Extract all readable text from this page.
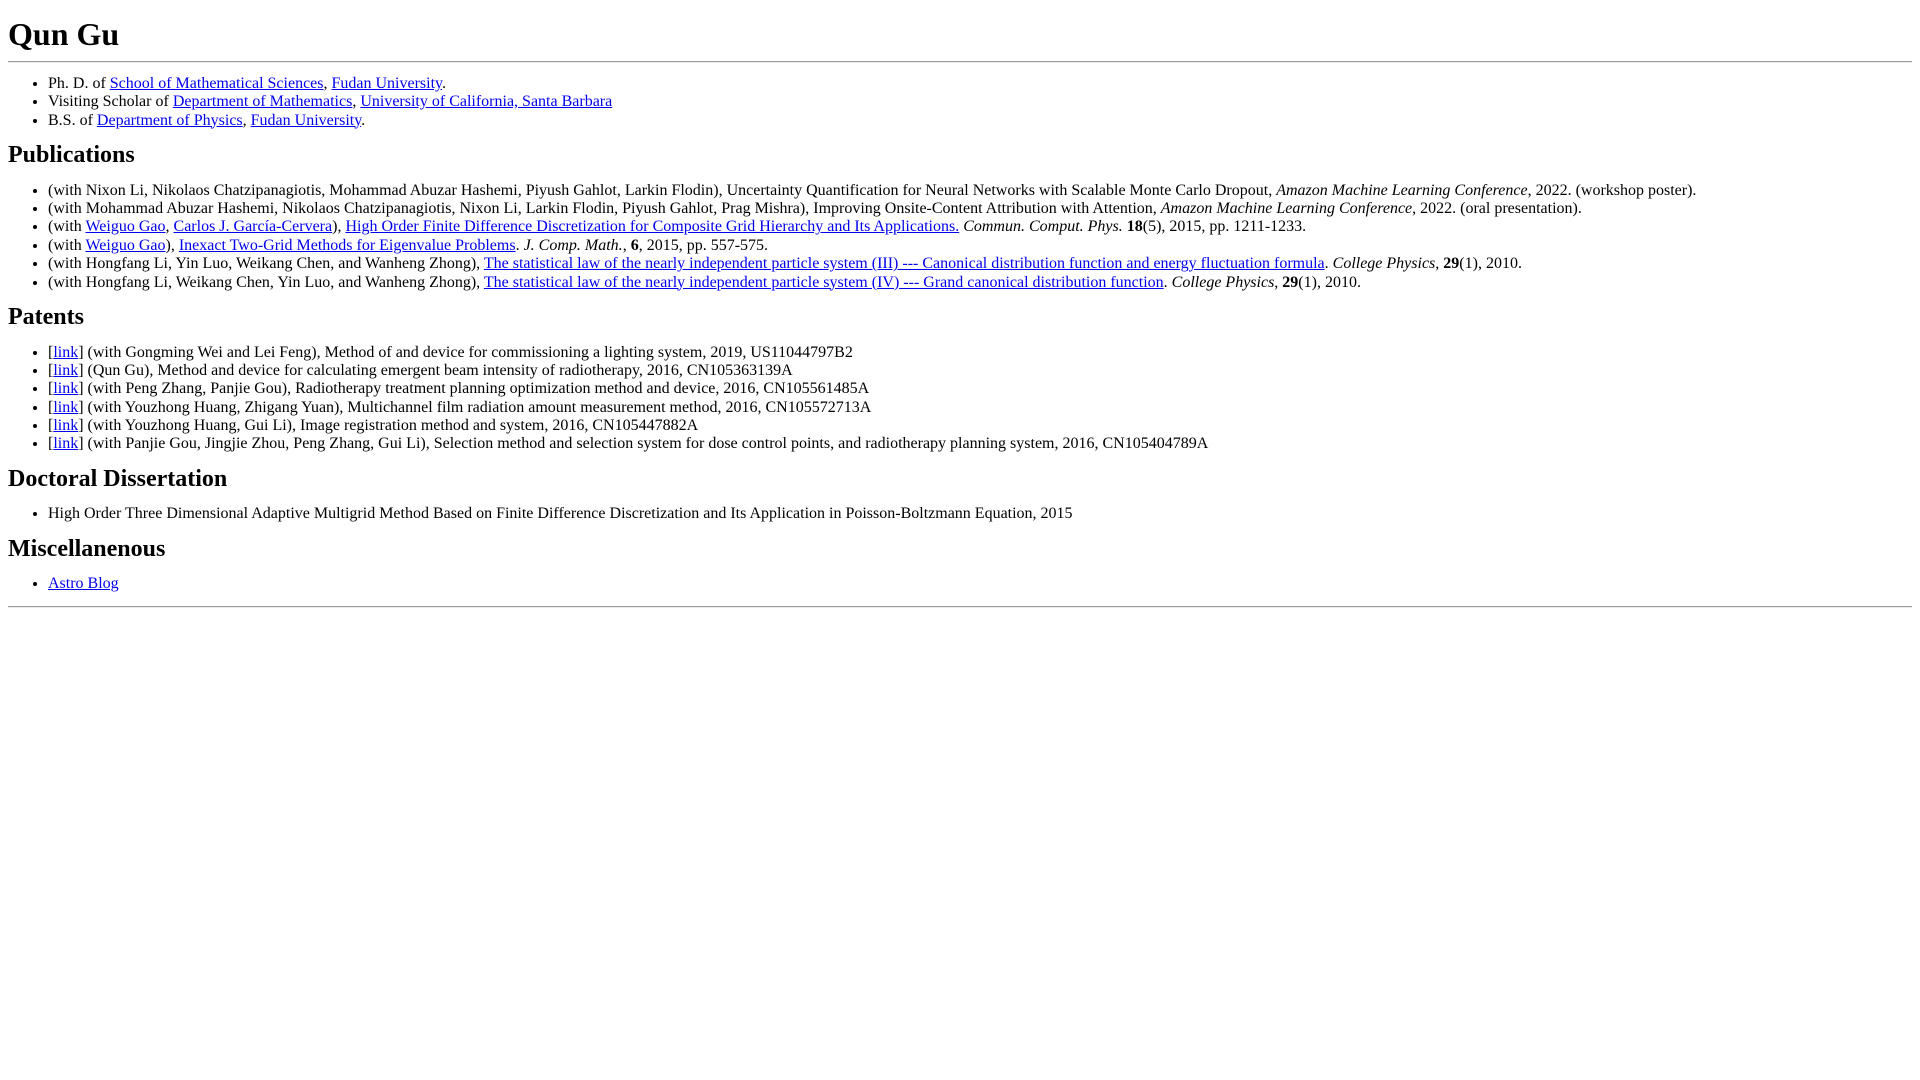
Qun Gu
• Ph. D. of School of Mathematical Sciences, Fudan University.
• Visiting Scholar of Department of Mathematics, University of California, Santa Barbara
• B.S. of Department of Physics, Fudan University.
Publications
• (with Nixon Li, Nikolaos Chatzipanagiotis, Mohammad Abuzar Hashemi, Piyush Gahlot, Larkin Flodin), Uncertainty Quantification for Neural Networks with Scalable Monte Carlo Dropout, Amazon Machine Learning Conference, 2022. (workshop poster).
• (with Mohammad Abuzar Hashemi, Nikolaos Chatzipanagiotis, Nixon Li, Larkin Flodin, Piyush Gahlot, Prag Mishra), Improving Onsite-Content Attribution with Attention, Amazon Machine Learning Conference, 2022. (oral presentation).
• (with Weiguo Gao, Carlos J. García-Cervera), High Order Finite Difference Discretization for Composite Grid Hierarchy and Its Applications. Commun. Comput. Phys. 18(5), 2015, pp. 1211-1233.
• (with Weiguo Gao), Inexact Two-Grid Methods for Eigenvalue Problems. J. Comp. Math., 6, 2015, pp. 557-575.
• (with Hongfang Li, Yin Luo, Weikang Chen, and Wanheng Zhong), The statistical law of the nearly independent particle system (III) --- Canonical distribution function and energy fluctuation formula. College Physics, 29(1), 2010.
• (with Hongfang Li, Weikang Chen, Yin Luo, and Wanheng Zhong), The statistical law of the nearly independent particle system (IV) --- Grand canonical distribution function. College Physics, 29(1), 2010.
Patents
• [link] (with Gongming Wei and Lei Feng), Method of and device for commissioning a lighting system, 2019, US11044797B2
• [link] (Qun Gu), Method and device for calculating emergent beam intensity of radiotherapy, 2016, CN105363139A
• [link] (with Peng Zhang, Panjie Gou), Radiotherapy treatment planning optimization method and device, 2016, CN105561485A
• [link] (with Youzhong Huang, Zhigang Yuan), Multichannel film radiation amount measurement method, 2016, CN105572713A
• [link] (with Youzhong Huang, Gui Li), Image registration method and system, 2016, CN105447882A
• [link] (with Panjie Gou, Jingjie Zhou, Peng Zhang, Gui Li), Selection method and selection system for dose control points, and radiotherapy planning system, 2016, CN105404789A
Doctoral Dissertation
• High Order Three Dimensional Adaptive Multigrid Method Based on Finite Difference Discretization and Its Application in Poisson-Boltzmann Equation, 2015
Miscellanenous
• Astro Blog
